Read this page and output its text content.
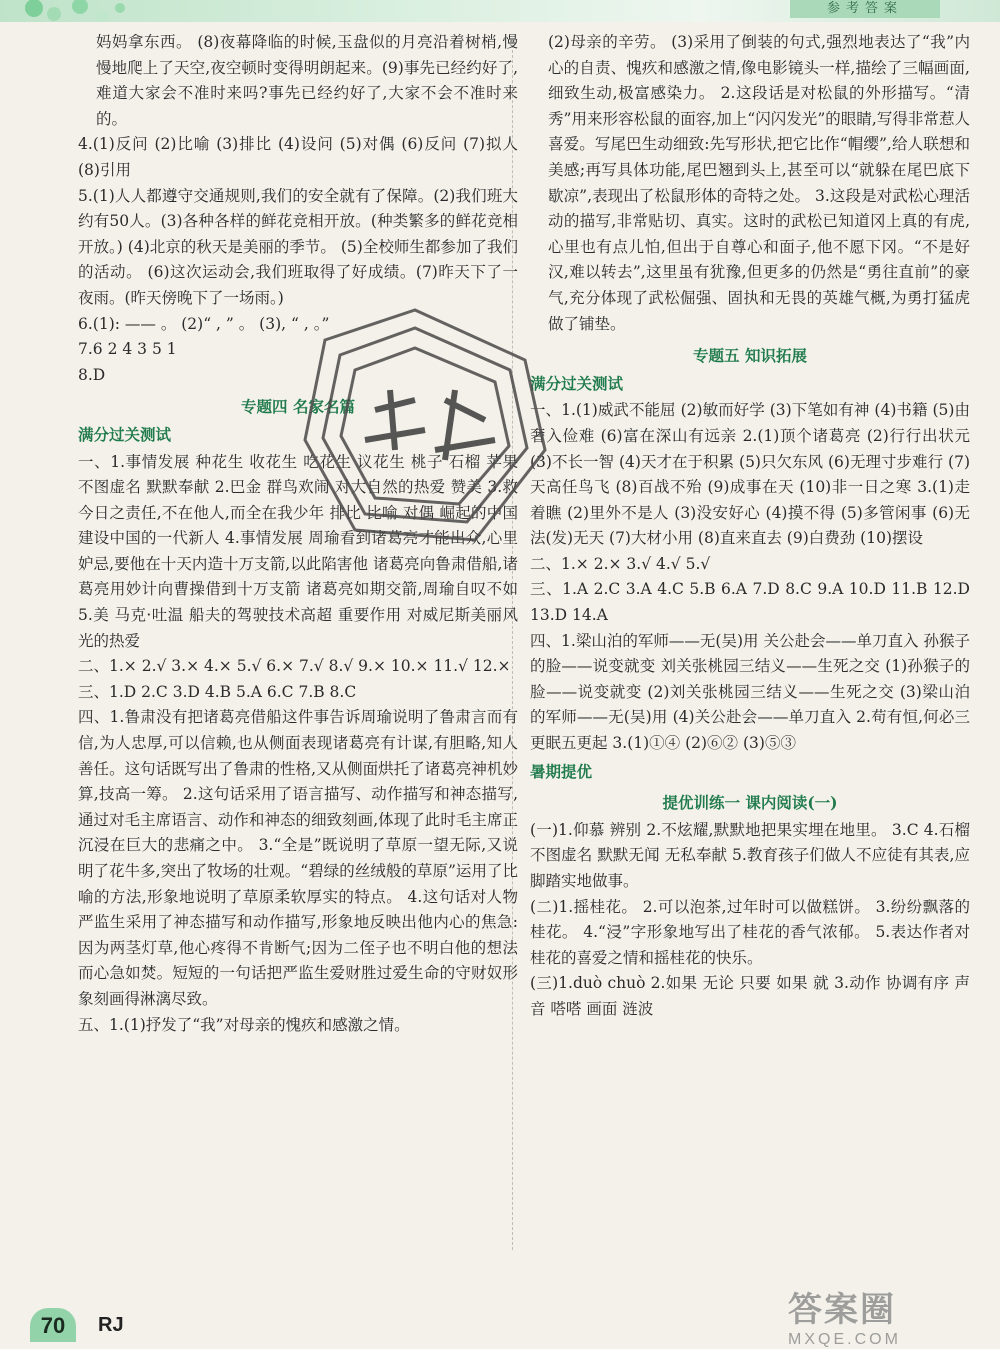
参考答案
妈妈拿东西。 (8)夜幕降临的时候,玉盘似的月亮沿着树梢,慢慢地爬上了天空,夜空顿时变得明朗起来。(9)事先已经约好了,难道大家会不准时来吗?事先已经约好了,大家不会不准时来的。
4.(1)反问 (2)比喻 (3)排比 (4)设问 (5)对偶 (6)反问 (7)拟人 (8)引用
5.(1)人人都遵守交通规则,我们的安全就有了保障。(2)我们班大约有50人。(3)各种各样的鲜花竞相开放。(种类繁多的鲜花竞相开放。) (4)北京的秋天是美丽的季节。 (5)全校师生都参加了我们的活动。 (6)这次运动会,我们班取得了好成绩。(7)昨天下了一夜雨。(昨天傍晚下了一场雨。)
6.(1): —— 。 (2)“ , ” 。 (3), “ , 。”
7.6 2 4 3 5 1
8.D
专题四 名家名篇
满分过关测试
一、1.事情发展 种花生 收花生 吃花生 议花生 桃子 石榴 苹果 不图虚名 默默奉献 2.巴金 群鸟欢闹 对大自然的热爱 赞美 3.救今日之责任,不在他人,而全在我少年 排比 比喻 对偶 崛起的中国 建设中国的一代新人 4.事情发展 周瑜看到诸葛亮才能出众,心里妒忌,要他在十天内造十万支箭,以此陷害他 诸葛亮向鲁肃借船,诸葛亮用妙计向曹操借到十万支箭 诸葛亮如期交箭,周瑜自叹不如 5.美 马克·吐温 船夫的驾驶技术高超 重要作用 对威尼斯美丽风光的热爱
二、1.× 2.√ 3.× 4.× 5.√ 6.× 7.√ 8.√ 9.× 10.× 11.√ 12.×
三、1.D 2.C 3.D 4.B 5.A 6.C 7.B 8.C
四、1.鲁肃没有把诸葛亮借船这件事告诉周瑜说明了鲁肃言而有信,为人忠厚,可以信赖,也从侧面表现诸葛亮有计谋,有胆略,知人善任。这句话既写出了鲁肃的性格,又从侧面烘托了诸葛亮神机妙算,技高一筹。 2.这句话采用了语言描写、动作描写和神态描写,通过对毛主席语言、动作和神态的细致刻画,体现了此时毛主席正沉浸在巨大的悲痛之中。 3.“全是”既说明了草原一望无际,又说明了花牛多,突出了牧场的壮观。“碧绿的丝绒般的草原”运用了比喻的方法,形象地说明了草原柔软厚实的特点。 4.这句话对人物严监生采用了神态描写和动作描写,形象地反映出他内心的焦急:因为两茎灯草,他心疼得不肯断气;因为二侄子也不明白他的想法而心急如焚。短短的一句话把严监生爱财胜过爱生命的守财奴形象刻画得淋漓尽致。
五、1.(1)抒发了“我”对母亲的愧疚和感激之情。
(2)母亲的辛劳。 (3)采用了倒装的句式,强烈地表达了“我”内心的自责、愧疚和感激之情,像电影镜头一样,描绘了三幅画面,细致生动,极富感染力。 2.这段话是对松鼠的外形描写。“清秀”用来形容松鼠的面容,加上“闪闪发光”的眼睛,写得非常惹人喜爱。写尾巴生动细致:先写形状,把它比作“帽缨”,给人联想和美感;再写具体功能,尾巴翘到头上,甚至可以“就躲在尾巴底下歇凉”,表现出了松鼠形体的奇特之处。 3.这段是对武松心理活动的描写,非常贴切、真实。这时的武松已知道冈上真的有虎,心里也有点儿怕,但出于自尊心和面子,他不愿下冈。“不是好汉,难以转去”,这里虽有犹豫,但更多的仍然是“勇往直前”的豪气,充分体现了武松倔强、固执和无畏的英雄气概,为勇打猛虎做了铺垫。
专题五 知识拓展
满分过关测试
一、1.(1)威武不能屈 (2)敏而好学 (3)下笔如有神 (4)书籍 (5)由奢入俭难 (6)富在深山有远亲 2.(1)顶个诸葛亮 (2)行行出状元 (3)不长一智 (4)天才在于积累 (5)只欠东风 (6)无理寸步难行 (7)天高任鸟飞 (8)百战不殆 (9)成事在天 (10)非一日之寒 3.(1)走着瞧 (2)里外不是人 (3)没安好心 (4)摸不得 (5)多管闲事 (6)无法(发)无天 (7)大材小用 (8)直来直去 (9)白费劲 (10)摆设
二、1.× 2.× 3.√ 4.√ 5.√
三、1.A 2.C 3.A 4.C 5.B 6.A 7.D 8.C 9.A 10.D 11.B 12.D 13.D 14.A
四、1.梁山泊的军师——无(吴)用 关公赴会——单刀直入 孙猴子的脸——说变就变 刘关张桃园三结义——生死之交 (1)孙猴子的脸——说变就变 (2)刘关张桃园三结义——生死之交 (3)梁山泊的军师——无(吴)用 (4)关公赴会——单刀直入 2.苟有恒,何必三更眠五更起 3.(1)①④ (2)⑥② (3)⑤③
暑期提优
提优训练一 课内阅读(一)
(一)1.仰慕 辨别 2.不炫耀,默默地把果实埋在地里。 3.C 4.石榴 不图虚名 默默无闻 无私奉献 5.教育孩子们做人不应徒有其表,应脚踏实地做事。
(二)1.摇桂花。 2.可以泡茶,过年时可以做糕饼。 3.纷纷飘落的桂花。 4.“浸”字形象地写出了桂花的香气浓郁。 5.表达作者对桂花的喜爱之情和摇桂花的快乐。
(三)1.duò chuò 2.如果 无论 只要 如果 就 3.动作 协调有序 声音 嗒嗒 画面 涟波
70	RJ	答案圈
MXQE.COM
